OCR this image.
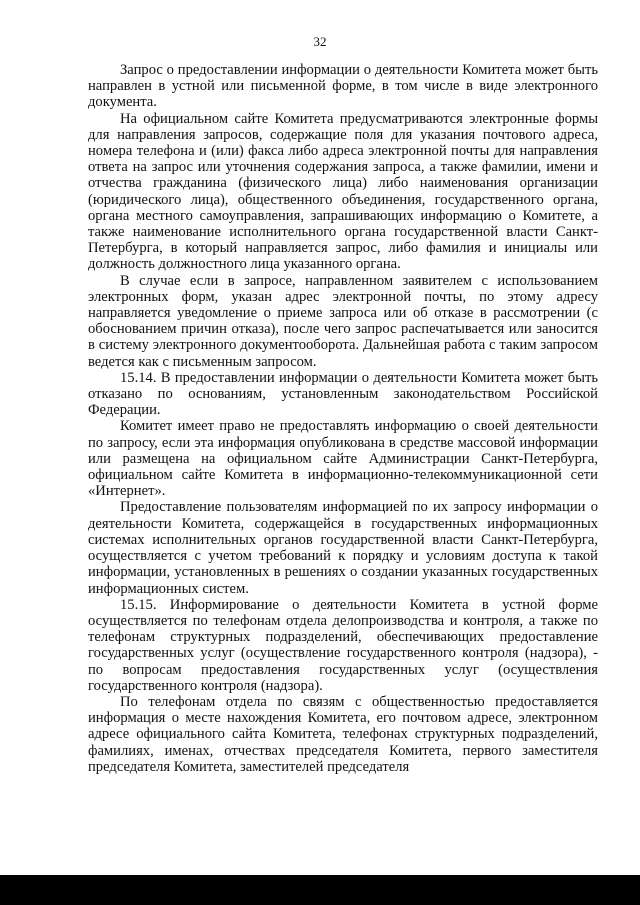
32

Запрос о предоставлении информации о деятельности Комитета может быть направлен в устной или письменной форме, в том числе в виде электронного документа.

На официальном сайте Комитета предусматриваются электронные формы для направления запросов, содержащие поля для указания почтового адреса, номера телефона и (или) факса либо адреса электронной почты для направления ответа на запрос или уточнения содержания запроса, а также фамилии, имени и отчества гражданина (физического лица) либо наименования организации (юридического лица), общественного объединения, государственного органа, органа местного самоуправления, запрашивающих информацию о Комитете, а также наименование исполнительного органа государственной власти Санкт-Петербурга, в который направляется запрос, либо фамилия и инициалы или должность должностного лица указанного органа.

В случае если в запросе, направленном заявителем с использованием электронных форм, указан адрес электронной почты, по этому адресу направляется уведомление о приеме запроса или об отказе в рассмотрении (с обоснованием причин отказа), после чего запрос распечатывается или заносится в систему электронного документооборота. Дальнейшая работа с таким запросом ведется как с письменным запросом.

15.14. В предоставлении информации о деятельности Комитета может быть отказано по основаниям, установленным законодательством Российской Федерации.

Комитет имеет право не предоставлять информацию о своей деятельности по запросу, если эта информация опубликована в средстве массовой информации или размещена на официальном сайте Администрации Санкт-Петербурга, официальном сайте Комитета в информационно-телекоммуникационной сети «Интернет».

Предоставление пользователям информацией по их запросу информации о деятельности Комитета, содержащейся в государственных информационных системах исполнительных органов государственной власти Санкт-Петербурга, осуществляется с учетом требований к порядку и условиям доступа к такой информации, установленных в решениях о создании указанных государственных информационных систем.

15.15. Информирование о деятельности Комитета в устной форме осуществляется по телефонам отдела делопроизводства и контроля, а также по телефонам структурных подразделений, обеспечивающих предоставление государственных услуг (осуществление государственного контроля (надзора), - по вопросам предоставления государственных услуг (осуществления государственного контроля (надзора).

По телефонам отдела по связям с общественностью предоставляется информация о месте нахождения Комитета, его почтовом адресе, электронном адресе официального сайта Комитета, телефонах структурных подразделений, фамилиях, именах, отчествах председателя Комитета, первого заместителя председателя Комитета, заместителей председателя
